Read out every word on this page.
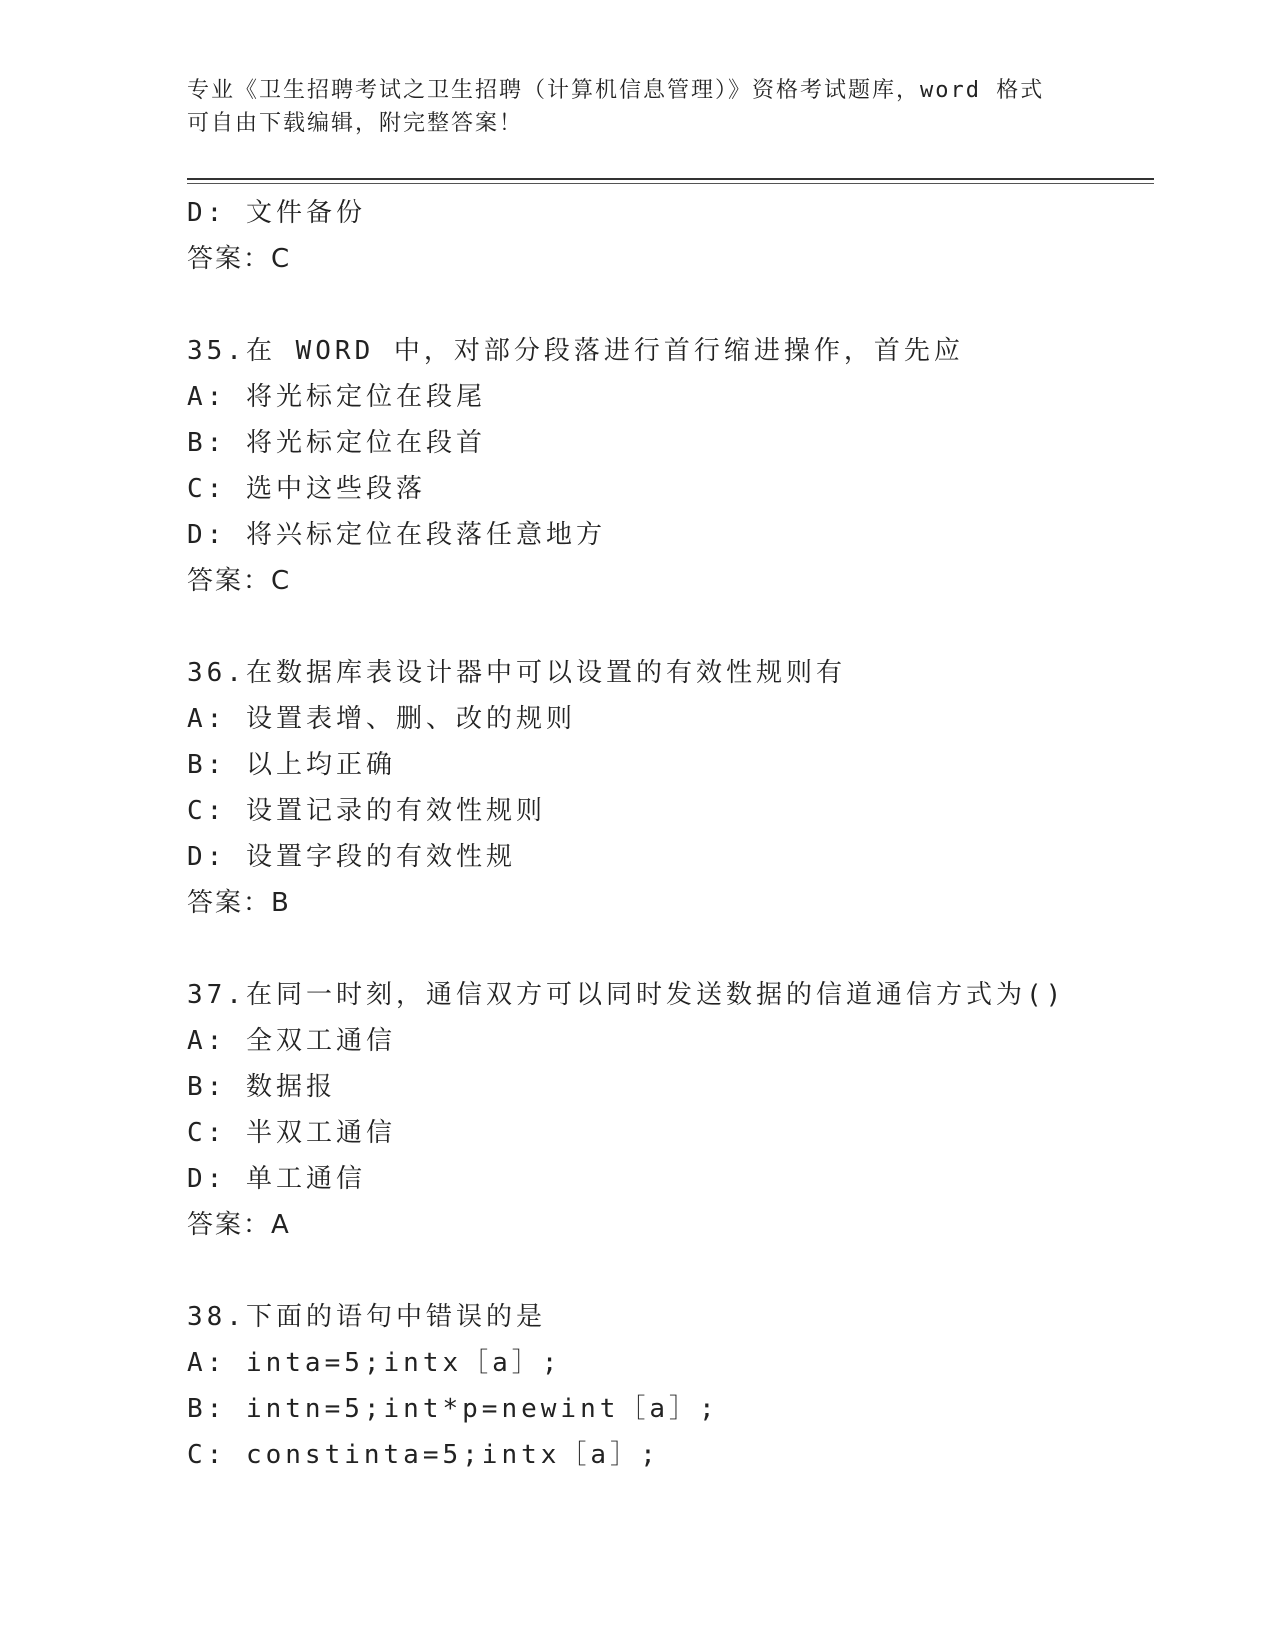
专业《卫生招聘考试之卫生招聘（计算机信息管理）》资格考试题库，word 格式
可自由下载编辑，附完整答案！
D: 文件备份
答案：C
35.在 WORD 中，对部分段落进行首行缩进操作，首先应
A: 将光标定位在段尾
B: 将光标定位在段首
C: 选中这些段落
D: 将兴标定位在段落任意地方
答案：C
36.在数据库表设计器中可以设置的有效性规则有
A: 设置表增、删、改的规则
B: 以上均正确
C: 设置记录的有效性规则
D: 设置字段的有效性规
答案：B
37.在同一时刻，通信双方可以同时发送数据的信道通信方式为()
A: 全双工通信
B: 数据报
C: 半双工通信
D: 单工通信
答案：A
38.下面的语句中错误的是
A: inta=5;intx［a］;
B: intn=5;int*p=newint［a］;
C: constinta=5;intx［a］;
